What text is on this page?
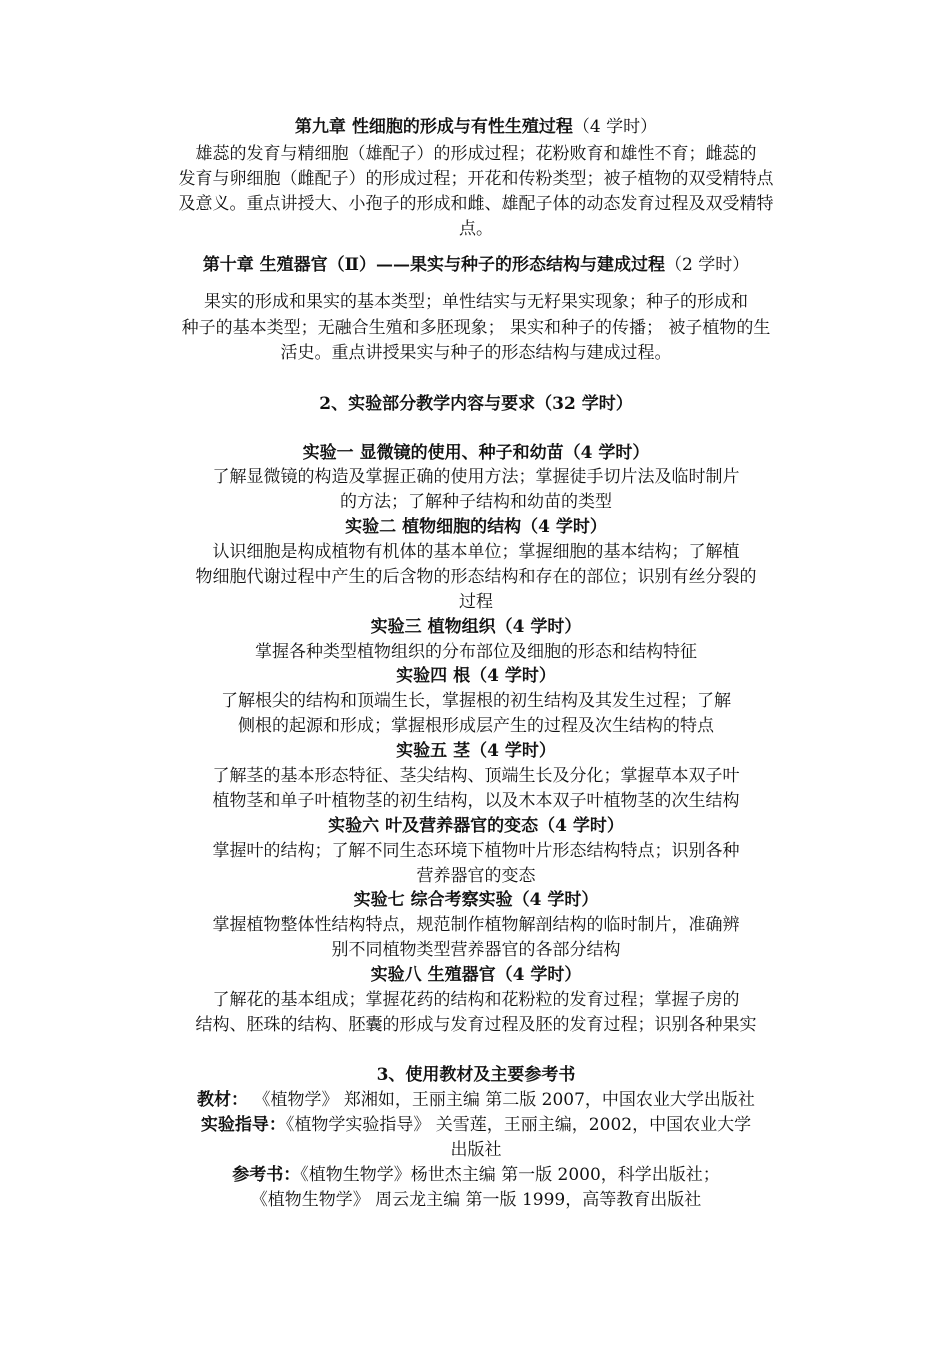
第九章 性细胞的形成与有性生殖过程（4 学时）
雄蕊的发育与精细胞（雄配子）的形成过程；花粉败育和雄性不育；雌蕊的
发育与卵细胞（雌配子）的形成过程；开花和传粉类型；被子植物的双受精特点
及意义。重点讲授大、小孢子的形成和雌、雄配子体的动态发育过程及双受精特
点。
第十章 生殖器官（Ⅱ）——果实与种子的形态结构与建成过程（2 学时）
果实的形成和果实的基本类型；单性结实与无籽果实现象；种子的形成和
种子的基本类型；无融合生殖和多胚现象； 果实和种子的传播； 被子植物的生
活史。重点讲授果实与种子的形态结构与建成过程。
2、实验部分教学内容与要求（32 学时）
实验一 显微镜的使用、种子和幼苗（4 学时）
了解显微镜的构造及掌握正确的使用方法；掌握徒手切片法及临时制片
的方法；了解种子结构和幼苗的类型
实验二 植物细胞的结构（4 学时）
认识细胞是构成植物有机体的基本单位；掌握细胞的基本结构；了解植
物细胞代谢过程中产生的后含物的形态结构和存在的部位；识别有丝分裂的
过程
实验三 植物组织（4 学时）
掌握各种类型植物组织的分布部位及细胞的形态和结构特征
实验四 根（4 学时）
了解根尖的结构和顶端生长，掌握根的初生结构及其发生过程；了解
侧根的起源和形成；掌握根形成层产生的过程及次生结构的特点
实验五 茎（4 学时）
了解茎的基本形态特征、茎尖结构、顶端生长及分化；掌握草本双子叶
植物茎和单子叶植物茎的初生结构，以及木本双子叶植物茎的次生结构
实验六 叶及营养器官的变态（4 学时）
掌握叶的结构；了解不同生态环境下植物叶片形态结构特点；识别各种
营养器官的变态
实验七 综合考察实验（4 学时）
掌握植物整体性结构特点，规范制作植物解剖结构的临时制片，准确辨
别不同植物类型营养器官的各部分结构
实验八 生殖器官（4 学时）
了解花的基本组成；掌握花药的结构和花粉粒的发育过程；掌握子房的
结构、胚珠的结构、胚囊的形成与发育过程及胚的发育过程；识别各种果实
3、使用教材及主要参考书
教材： 《植物学》 郑湘如，王丽主编 第二版 2007，中国农业大学出版社
实验指导：《植物学实验指导》 关雪莲，王丽主编，2002，中国农业大学
出版社
参考书：《植物生物学》杨世杰主编 第一版 2000，科学出版社；
《植物生物学》 周云龙主编 第一版 1999，高等教育出版社
